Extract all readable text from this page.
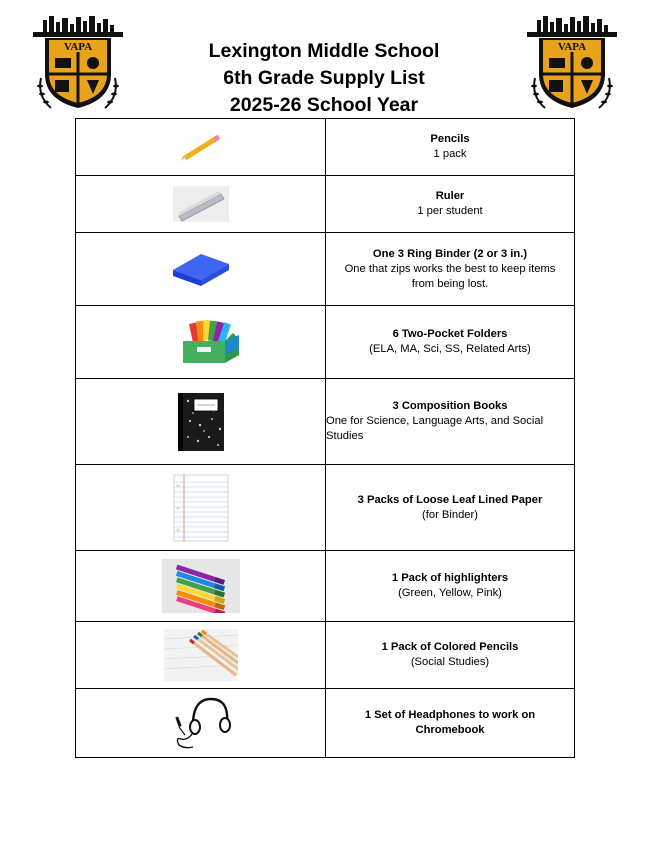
VAPA	VAPA
Lexington Middle School
6th Grade Supply List
2025-26 School Year

Pencils
1 pack

Ruler
1 per student

One 3 Ring Binder (2 or 3 in.)
One that zips works the best to keep items
from being lost.

6 Two-Pocket Folders
(ELA, MA, Sci, SS, Related Arts)

3 Composition Books
One for Science, Language Arts, and Social
Studies

3 Packs of Loose Leaf Lined Paper
(for Binder)

1 Pack of highlighters
(Green, Yellow, Pink)

1 Pack of Colored Pencils
(Social Studies)

1 Set of Headphones to work on
Chromebook
